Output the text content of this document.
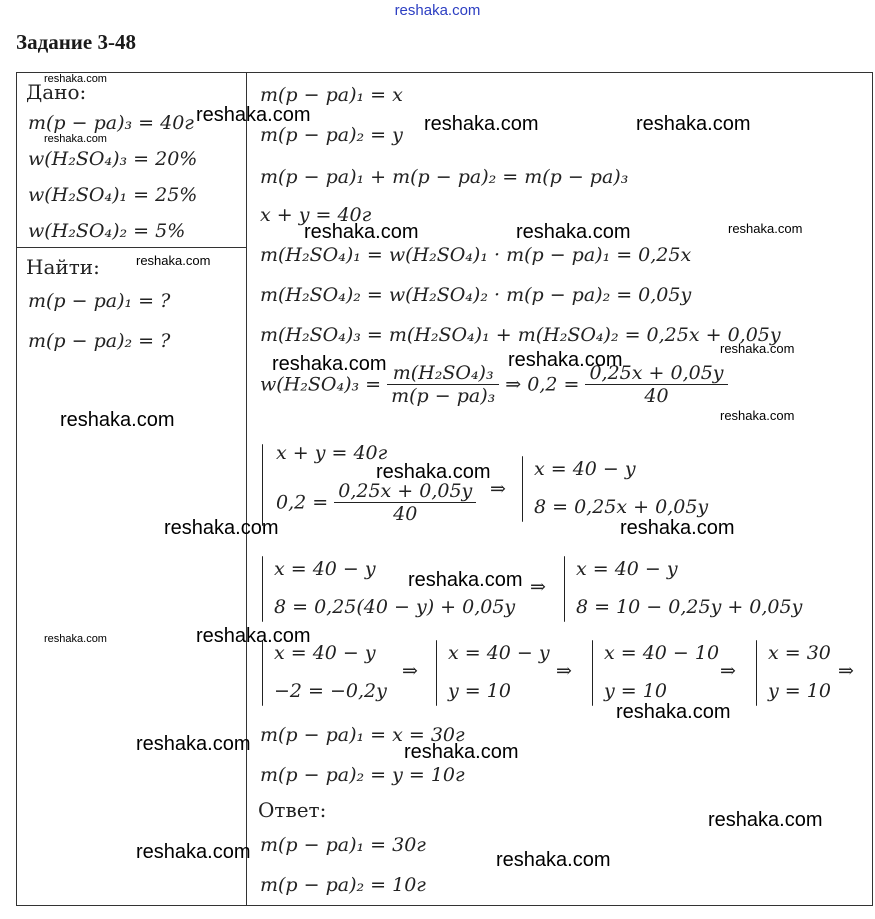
reshaka.com
Задание 3-48
Дано:
m(p − pa)₃ = 40г
w(H₂SO₄)₃ = 20%
w(H₂SO₄)₁ = 25%
w(H₂SO₄)₂ = 5%
Найти:
m(p − pa)₁ = ?
m(p − pa)₂ = ?
m(p − pa)₁ = x
m(p − pa)₂ = y
m(p − pa)₁ + m(p − pa)₂ = m(p − pa)₃
x + y = 40г
m(H₂SO₄)₁ = w(H₂SO₄)₁ · m(p − pa)₁ = 0,25x
m(H₂SO₄)₂ = w(H₂SO₄)₂ · m(p − pa)₂ = 0,05y
m(H₂SO₄)₃ = m(H₂SO₄)₁ + m(H₂SO₄)₂ = 0,25x + 0,05y
$w(H_2SO_4)_3 = \frac{\text{m(H₂SO₄)₃}}{\text{m(p − pa)₃}}$ ⇒ $0,2 = \frac{0,25x + 0,05y}{40}$
x + y = 40г
$0,2 = \frac{0,25x + 0,05y}{40}$ ⇒
x = 40 − y
8 = 0,25x + 0,05y
x = 40 − y
8 = 0,25(40 − y) + 0,05y
⇒
x = 40 − y
8 = 10 − 0,25y + 0,05y
x = 40 − y
−2 = −0,2y
⇒
x = 40 − y
y = 10
⇒
x = 40 − 10
y = 10
⇒
x = 30
y = 10
⇒
m(p − pa)₁ = x = 30г
m(p − pa)₂ = y = 10г
Ответ:
m(p − pa)₁ = 30г
m(p − pa)₂ = 10г
reshaka.com
reshaka.com
reshaka.com	reshaka.com	reshaka.com
reshaka.com	reshaka.com	reshaka.com
reshaka.com
reshaka.com	reshaka.com
reshaka.com
reshaka.com
reshaka.com
reshaka.com
reshaka.com	reshaka.com
reshaka.com
reshaka.com	reshaka.com
reshaka.com
reshaka.com	reshaka.com
reshaka.com
reshaka.com	reshaka.com
